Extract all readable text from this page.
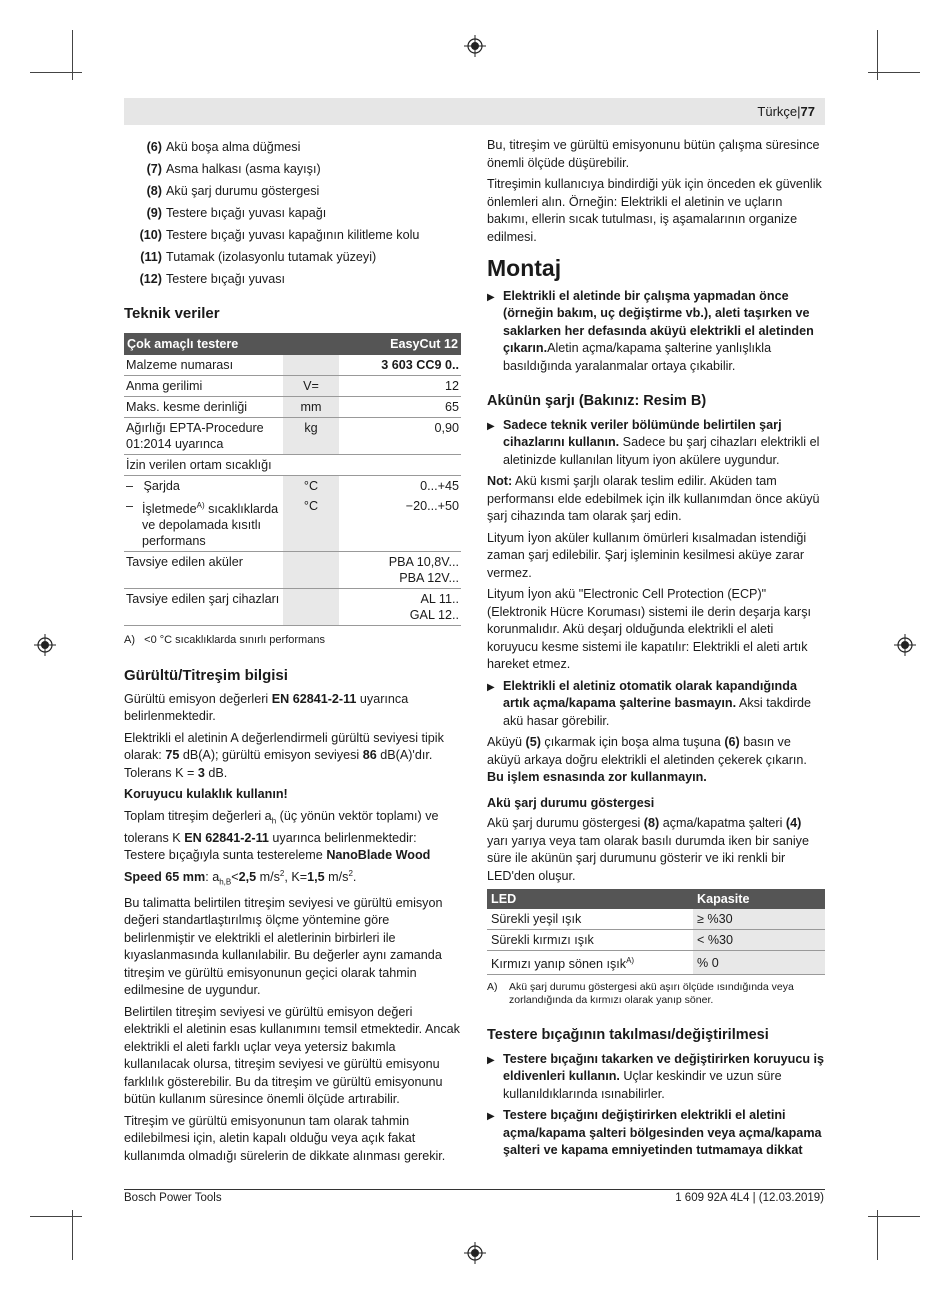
Türkçe|77
(6) Akü boşa alma düğmesi
(7) Asma halkası (asma kayışı)
(8) Akü şarj durumu göstergesi
(9) Testere bıçağı yuvası kapağı
(10) Testere bıçağı yuvası kapağının kilitleme kolu
(11) Tutamak (izolasyonlu tutamak yüzeyi)
(12) Testere bıçağı yuvası
Teknik veriler
Çok amaçlı testere		EasyCut 12
Malzeme numarası		3 603 CC9 0..
Anma gerilimi	V=	12
Maks. kesme derinliği	mm	65
Ağırlığı EPTA-Procedure 01:2014 uyarınca	kg	0,90
İzin verilen ortam sıcaklığı		
– Şarjda	°C	0...+45

– İşletmede$^{A)}$ sıcaklıklarda ve depolamada kısıtlı performans	°C	−20...+50
Tavsiye edilen aküler		PBA 10,8V...
PBA 12V...

Tavsiye edilen şarj cihazları		AL 11..
GAL 12..
A) <0 °C sıcaklıklarda sınırlı performans
Gürültü/Titreşim bilgisi

Gürültü emisyon değerleri EN 62841-2-11 uyarınca belirlenmektedir.

Elektrikli el aletinin A değerlendirmeli gürültü seviyesi tipik olarak: 75 dB(A); gürültü emisyon seviyesi 86 dB(A)'dır. Tolerans K = 3 dB.

Koruyucu kulaklık kullanın!

Toplam titreşim değerleri $a_h$ (üç yönün vektör toplamı) ve tolerans K EN 62841-2-11 uyarınca belirlenmektedir:
Testere bıçağıyla sunta testereleme NanoBlade Wood Speed 65 mm: $a_{h,B}<2,5$ $m/s^2$, K=1,5 $m/s^2$.

Bu talimatta belirtilen titreşim seviyesi ve gürültü emisyon değeri standartlaştırılmış ölçme yöntemine göre belirlenmiştir ve elektrikli el aletlerinin birbirleri ile kıyaslanmasında kullanılabilir. Bu değerler aynı zamanda titreşim ve gürültü emisyonunun geçici olarak tahmin edilmesine de uygundur.

Belirtilen titreşim seviyesi ve gürültü emisyon değeri elektrikli el aletinin esas kullanımını temsil etmektedir. Ancak elektrikli el aleti farklı uçlar veya yetersiz bakımla kullanılacak olursa, titreşim seviyesi ve gürültü emisyonu farklılık gösterebilir. Bu da titreşim ve gürültü emisyonunu bütün kullanım süresince önemli ölçüde artırabilir.

Titreşim ve gürültü emisyonunun tam olarak tahmin edilebilmesi için, aletin kapalı olduğu veya açık fakat kullanımda olmadığı sürelerin de dikkate alınması gerekir.

Bu, titreşim ve gürültü emisyonunu bütün çalışma süresince önemli ölçüde düşürebilir.

Titreşimin kullanıcıya bindirdiği yük için önceden ek güvenlik önlemleri alın. Örneğin: Elektrikli el aletinin ve uçların bakımı, ellerin sıcak tutulması, iş aşamalarının organize edilmesi.

Montaj
▶ Elektrikli el aletinde bir çalışma yapmadan önce (örneğin bakım, uç değiştirme vb.), aleti taşırken ve saklarken her defasında aküyü elektrikli el aletinden çıkarın.Aletin açma/kapama şalterine yanlışlıkla basıldığında yaralanmalar ortaya çıkabilir.

Akünün şarjı (Bakınız: Resim B)
▶ Sadece teknik veriler bölümünde belirtilen şarj cihazlarını kullanın. Sadece bu şarj cihazları elektrikli el aletinizde kullanılan lityum iyon akülere uygundur.

Not: Akü kısmi şarjlı olarak teslim edilir. Aküden tam performansı elde edebilmek için ilk kullanımdan önce aküyü şarj cihazında tam olarak şarj edin.

Lityum İyon aküler kullanım ömürleri kısalmadan istendiği zaman şarj edilebilir. Şarj işleminin kesilmesi aküye zarar vermez.

Lityum İyon akü "Electronic Cell Protection (ECP)" (Elektronik Hücre Koruması) sistemi ile derin deşarja karşı korunmalıdır. Akü deşarj olduğunda elektrikli el aleti koruyucu kesme sistemi ile kapatılır: Elektrikli el aleti artık hareket etmez.

▶ Elektrikli el aletiniz otomatik olarak kapandığında artık açma/kapama şalterine basmayın. Aksi takdirde akü hasar görebilir.

Aküyü (5) çıkarmak için boşa alma tuşuna (6) basın ve aküyü arkaya doğru elektrikli el aletinden çekerek çıkarın. Bu işlem esnasında zor kullanmayın.

Akü şarj durumu göstergesi

Akü şarj durumu göstergesi (8) açma/kapatma şalteri (4) yarı yarıya veya tam olarak basılı durumda iken bir saniye süre ile akünün şarj durumunu gösterir ve iki renkli bir LED'den oluşur.

LED	Kapasite
Sürekli yeşil ışık	≥ %30
Sürekli kırmızı ışık	< %30
Kırmızı yanıp sönen ışık$^{A)}$	% 0
A)	Akü şarj durumu göstergesi akü aşırı ölçüde ısındığında veya zorlandığında da kırmızı olarak yanıp söner.
Testere bıçağının takılması/değiştirilmesi
▶ Testere bıçağını takarken ve değiştirirken koruyucu iş eldivenleri kullanın. Uçlar keskindir ve uzun süre kullanıldıklarında ısınabilirler.

▶ Testere bıçağını değiştirirken elektrikli el aletini açma/kapama şalteri bölgesinden veya açma/kapama şalteri ve kapama emniyetinden tutmamaya dikkat

Bosch Power Tools	1 609 92A 4L4 | (12.03.2019)
